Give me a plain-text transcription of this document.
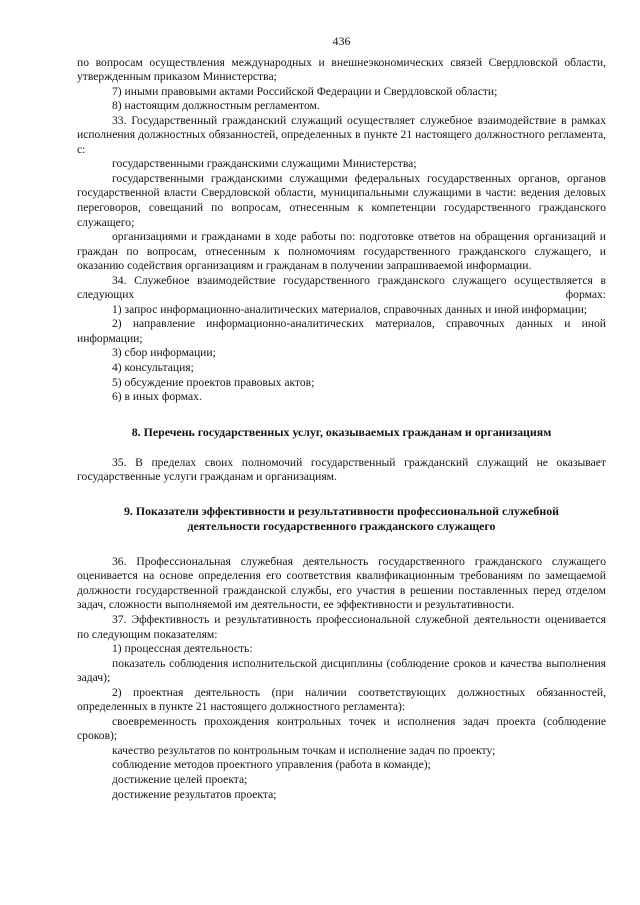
436

по вопросам осуществления международных и внешнеэкономических связей Свердловской области, утвержденным приказом Министерства;

7) иными правовыми актами Российской Федерации и Свердловской области;

8) настоящим должностным регламентом.

33. Государственный гражданский служащий осуществляет служебное взаимодействие в рамках исполнения должностных обязанностей, определенных в пункте 21 настоящего должностного регламента, с:

государственными гражданскими служащими Министерства;

государственными гражданскими служащими федеральных государственных органов, органов государственной власти Свердловской области, муниципальными служащими в части: ведения деловых переговоров, совещаний по вопросам, отнесенным к компетенции государственного гражданского служащего;

организациями и гражданами в ходе работы по: подготовке ответов на обращения организаций и граждан по вопросам, отнесенным к полномочиям государственного гражданского служащего, и оказанию содействия организациям и гражданам в получении запрашиваемой информации.

34. Служебное взаимодействие государственного гражданского служащего осуществляется в следующих формах:

1) запрос информационно-аналитических материалов, справочных данных и иной информации;

2) направление информационно-аналитических материалов, справочных данных и иной информации;

3) сбор информации;

4) консультация;

5) обсуждение проектов правовых актов;

6) в иных формах.

8. Перечень государственных услуг, оказываемых гражданам и организациям

35. В пределах своих полномочий государственный гражданский служащий не оказывает государственные услуги гражданам и организациям.

9. Показатели эффективности и результативности профессиональной служебной
деятельности государственного гражданского служащего

36. Профессиональная служебная деятельность государственного гражданского служащего оценивается на основе определения его соответствия квалификационным требованиям по замещаемой должности государственной гражданской службы, его участия в решении поставленных перед отделом задач, сложности выполняемой им деятельности, ее эффективности и результативности.

37. Эффективность и результативность профессиональной служебной деятельности оценивается по следующим показателям:

1) процессная деятельность:

показатель соблюдения исполнительской дисциплины (соблюдение сроков и качества выполнения задач);

2) проектная деятельность (при наличии соответствующих должностных обязанностей, определенных в пункте 21 настоящего должностного регламента):

своевременность прохождения контрольных точек и исполнения задач проекта (соблюдение сроков);

качество результатов по контрольным точкам и исполнение задач по проекту;

соблюдение методов проектного управления (работа в команде);

достижение целей проекта;

достижение результатов проекта;
